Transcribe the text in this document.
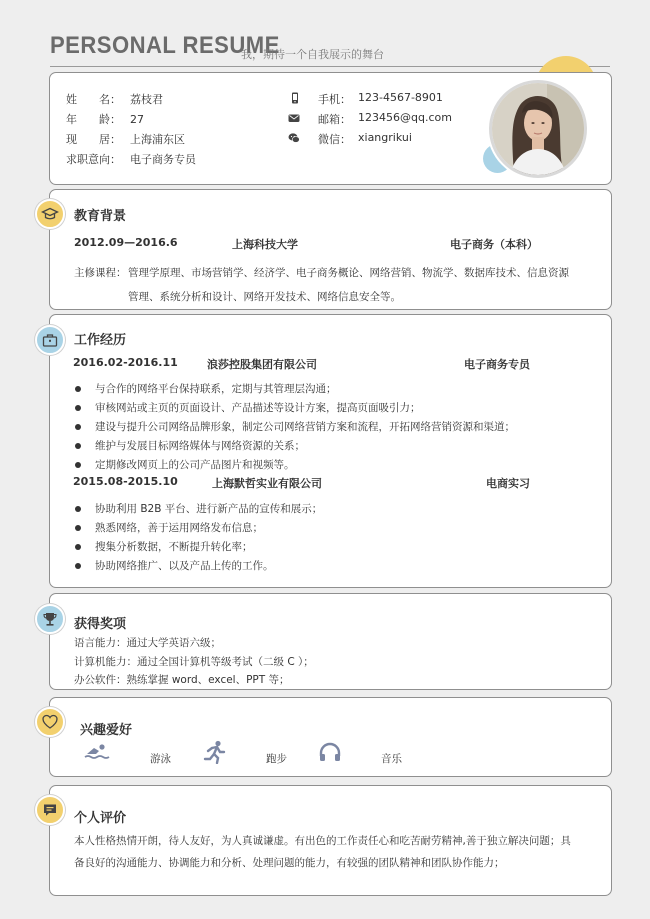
PERSONAL RESUME
我，期待一个自我展示的舞台
姓　　名： 荔枝君
年　　龄： 27
现　　居： 上海浦东区
求职意向： 电子商务专员
手机： 123-4567-8901
邮箱： 123456@qq.com
微信： xiangrikui
2012.09—2016.6	上海科技大学	电子商务（本科）
主修课程： 管理学原理、市场营销学、经济学、电子商务概论、网络营销、物流学、数据库技术、信息资源
管理、系统分析和设计、网络开发技术、网络信息安全等。
教育背景
工作经历
2016.02-2016.11	浪莎控股集团有限公司	电子商务专员
与合作的网络平台保持联系，定期与其管理层沟通；
审核网站或主页的页面设计、产品描述等设计方案，提高页面吸引力；
建设与提升公司网络品牌形象，制定公司网络营销方案和流程，开拓网络营销资源和渠道；
维护与发展目标网络媒体与网络资源的关系；
定期修改网页上的公司产品图片和视频等。
2015.08-2015.10	上海默哲实业有限公司	电商实习
协助利用 B2B 平台、进行新产品的宣传和展示；
熟悉网络，善于运用网络发布信息；
搜集分析数据，不断提升转化率；
协助网络推广、以及产品上传的工作。
获得奖项
语言能力：通过大学英语六级；
计算机能力：通过全国计算机等级考试（二级 C ）；
办公软件：熟练掌握 word、excel、PPT 等；
兴趣爱好
游泳	跑步	音乐
个人评价
本人性格热情开朗，待人友好，为人真诚谦虚。有出色的工作责任心和吃苦耐劳精神,善于独立解决问题；具
备良好的沟通能力、协调能力和分析、处理问题的能力，有较强的团队精神和团队协作能力；
